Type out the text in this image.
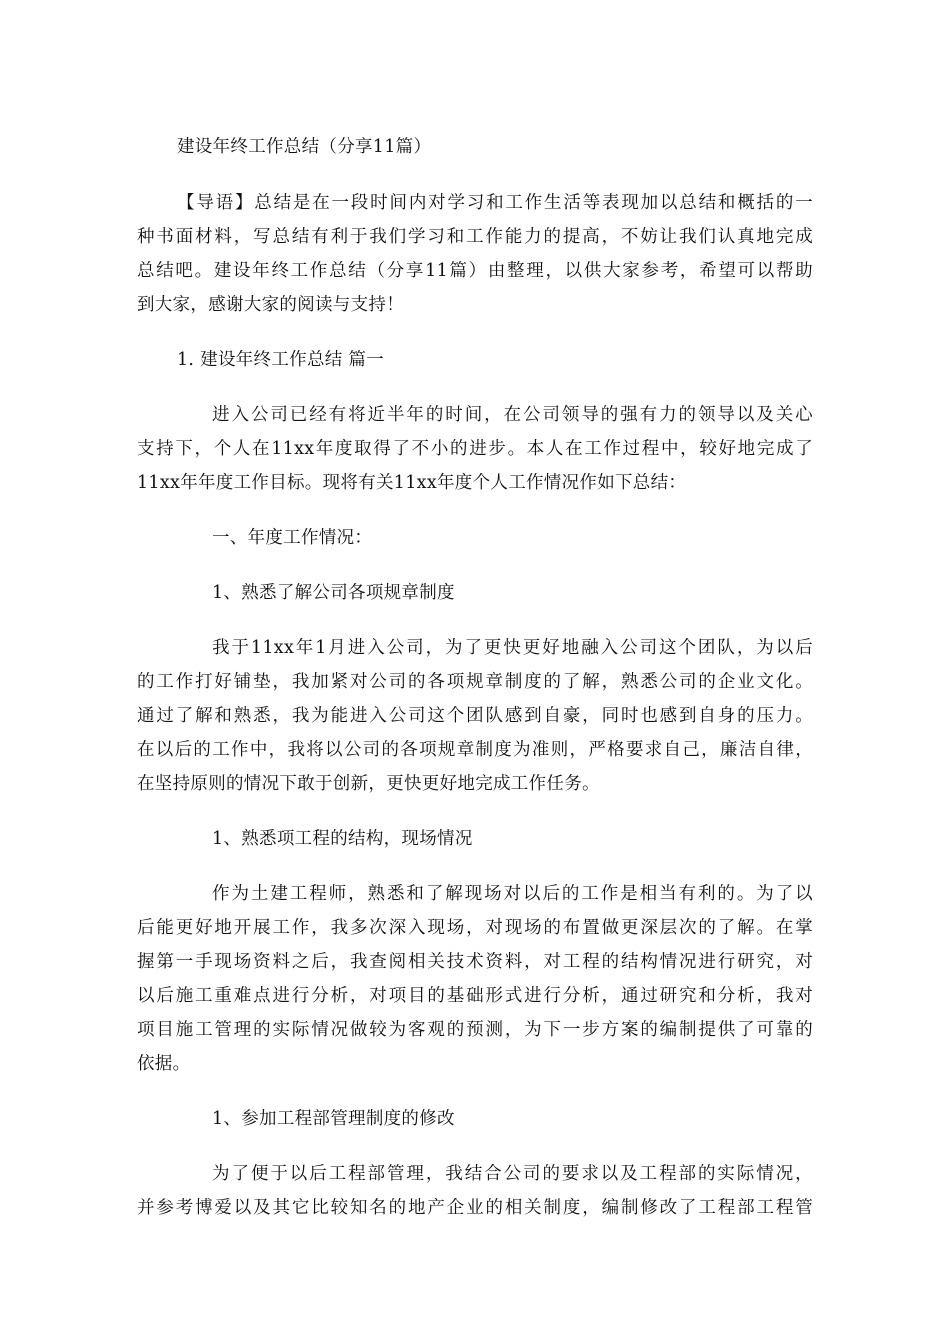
建设年终工作总结（分享11篇）
【导语】总结是在一段时间内对学习和工作生活等表现加以总结和概括的一
种书面材料，写总结有利于我们学习和工作能力的提高，不妨让我们认真地完成
总结吧。建设年终工作总结（分享11篇）由整理，以供大家参考，希望可以帮助
到大家，感谢大家的阅读与支持！
1. 建设年终工作总结 篇一
进入公司已经有将近半年的时间，在公司领导的强有力的领导以及关心
支持下，个人在11xx年度取得了不小的进步。本人在工作过程中，较好地完成了
11xx年年度工作目标。现将有关11xx年度个人工作情况作如下总结：
一、年度工作情况：
1、熟悉了解公司各项规章制度
我于11xx年1月进入公司，为了更快更好地融入公司这个团队，为以后
的工作打好铺垫，我加紧对公司的各项规章制度的了解，熟悉公司的企业文化。
通过了解和熟悉，我为能进入公司这个团队感到自豪，同时也感到自身的压力。
在以后的工作中，我将以公司的各项规章制度为准则，严格要求自己，廉洁自律，
在坚持原则的情况下敢于创新，更快更好地完成工作任务。
1、熟悉项工程的结构，现场情况
作为土建工程师，熟悉和了解现场对以后的工作是相当有利的。为了以
后能更好地开展工作，我多次深入现场，对现场的布置做更深层次的了解。在掌
握第一手现场资料之后，我查阅相关技术资料，对工程的结构情况进行研究，对
以后施工重难点进行分析，对项目的基础形式进行分析，通过研究和分析，我对
项目施工管理的实际情况做较为客观的预测，为下一步方案的编制提供了可靠的
依据。
1、参加工程部管理制度的修改
为了便于以后工程部管理，我结合公司的要求以及工程部的实际情况，
并参考博爱以及其它比较知名的地产企业的相关制度，编制修改了工程部工程管
